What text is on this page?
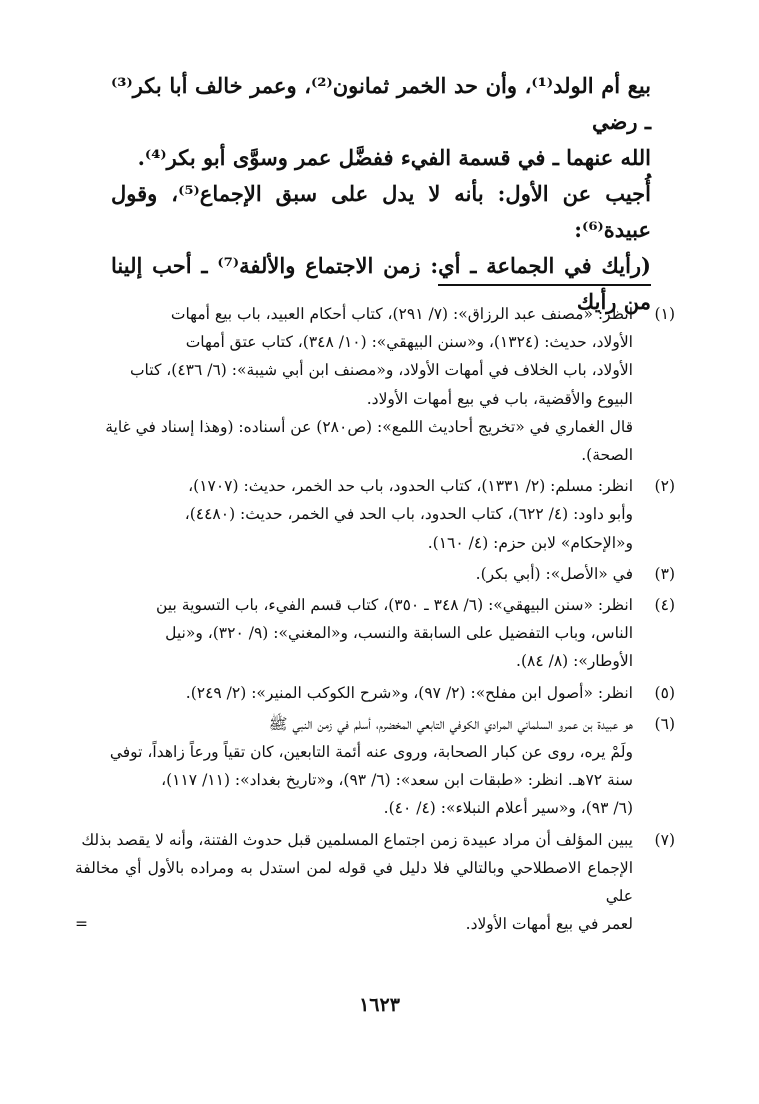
بيع أم الولد⁽¹⁾، وأن حد الخمر ثمانون⁽²⁾، وعمر خالف أبا بكر⁽³⁾ ـ رضي

الله عنهما ـ في قسمة الفيء ففضَّل عمر وسوَّى أبو بكر⁽⁴⁾.

أُجيب عن الأول: بأنه لا يدل على سبق الإجماع⁽⁵⁾، وقول عبيدة⁽⁶⁾:

(رأيك في الجماعة ـ أي: زمن الاجتماع والألفة⁽⁷⁾ ـ أحب إلينا من رأيك (١)
انظر: «مصنف عبد الرزاق»: (٧/ ٢٩١)، كتاب أحكام العبيد، باب بيع أمهات
الأولاد، حديث: (١٣٢٤)، و«سنن البيهقي»: (١٠/ ٣٤٨)، كتاب عتق أمهات
الأولاد، باب الخلاف في أمهات الأولاد، و«مصنف ابن أبي شيبة»: (٦/ ٤٣٦)، كتاب
البيوع والأقضية، باب في بيع أمهات الأولاد.
قال الغماري في «تخريج أحاديث اللمع»: (ص٢٨٠) عن أسناده: (وهذا إسناد في غاية
الصحة).
(٢)
انظر: مسلم: (٢/ ١٣٣١)، كتاب الحدود، باب حد الخمر، حديث: (١٧٠٧)،
وأبو داود: (٤/ ٦٢٢)، كتاب الحدود، باب الحد في الخمر، حديث: (٤٤٨٠)،
و«الإحكام» لابن حزم: (٤/ ١٦٠).
(٣)
في «الأصل»: (أبي بكر).
(٤)
انظر: «سنن البيهقي»: (٦/ ٣٤٨ ـ ٣٥٠)، كتاب قسم الفيء، باب التسوية بين
الناس، وباب التفضيل على السابقة والنسب، و«المغني»: (٩/ ٣٢٠)، و«نيل
الأوطار»: (٨/ ٨٤).
(٥)
انظر: «أصول ابن مفلح»: (٢/ ٩٧)، و«شرح الكوكب المنير»: (٢/ ٢٤٩).
(٦)
هو عبيدة بن عمرو السلماني المرادي الكوفي التابعي المخضرم، أسلم في زمن النبي ﷺ
ولَمْ يره، روى عن كبار الصحابة، وروى عنه أئمة التابعين، كان تقياً ورعاً زاهداً، توفي
سنة ٧٢هـ. انظر: «طبقات ابن سعد»: (٦/ ٩٣)، و«تاريخ بغداد»: (١١/ ١١٧)،
(٦/ ٩٣)، و«سير أعلام النبلاء»: (٤/ ٤٠).
(٧)
يبين المؤلف أن مراد عبيدة زمن اجتماع المسلمين قبل حدوث الفتنة، وأنه لا يقصد بذلك
الإجماع الاصطلاحي وبالتالي فلا دليل في قوله لمن استدل به ومراده بالأول أي مخالفة علي
لعمر في بيع أمهات الأولاد.
=
١٦٢٣
